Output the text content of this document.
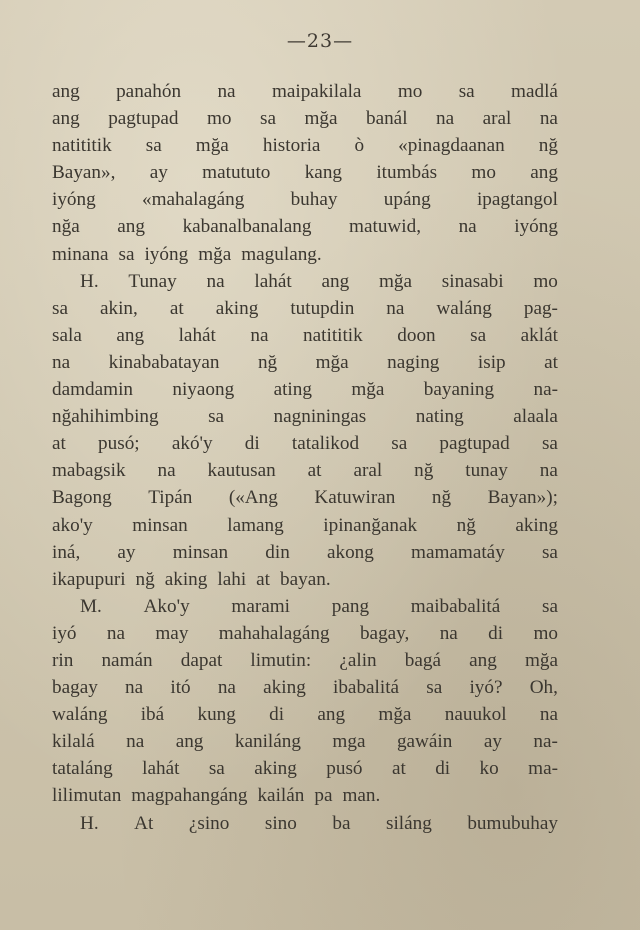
—23—
ang panahón na maipakilala mo sa madlá
ang pagtupad mo sa mğa banál na aral na
natititik sa mğa historia ò «pinagdaanan nğ
Bayan», ay matututo kang itumbás mo ang
iyóng «mahalagáng buhay upáng ipagtangol
nğa ang kabanalbanalang matuwid, na iyóng
minana sa iyóng mğa magulang.
H. Tunay na lahát ang mğa sinasabi mo
sa akin, at aking tutupdin na waláng pag-
sala ang lahát na natititik doon sa aklát
na kinababatayan nğ mğa naging isip at
damdamin niyaong ating mğa bayaning na-
nğahihimbing	sa	nagniningas	nating	alaala
at pusó; akó'y di tatalikod sa pagtupad sa
mabagsik na kautusan at aral nğ tunay na
Bagong Tipán («Ang Katuwiran nğ Bayan»);
ako'y minsan lamang ipinanğanak nğ aking
iná, ay minsan din akong mamamatáy sa
ikapupuri nğ aking lahi at bayan.
M. Ako'y marami pang maibabalitá sa
iyó na may mahahalagáng bagay, na di mo
rin namán dapat limutin: ¿alin bagá ang mğa
bagay na itó na aking ibabalitá sa iyó? Oh,
waláng ibá kung di ang mğa nauukol na
kilalá na ang kaniláng mga gawáin ay na-
tataláng lahát sa aking pusó at di ko ma-
lilimutan magpahangáng kailán pa man.
H. At ¿sino sino ba siláng bumubuhay
